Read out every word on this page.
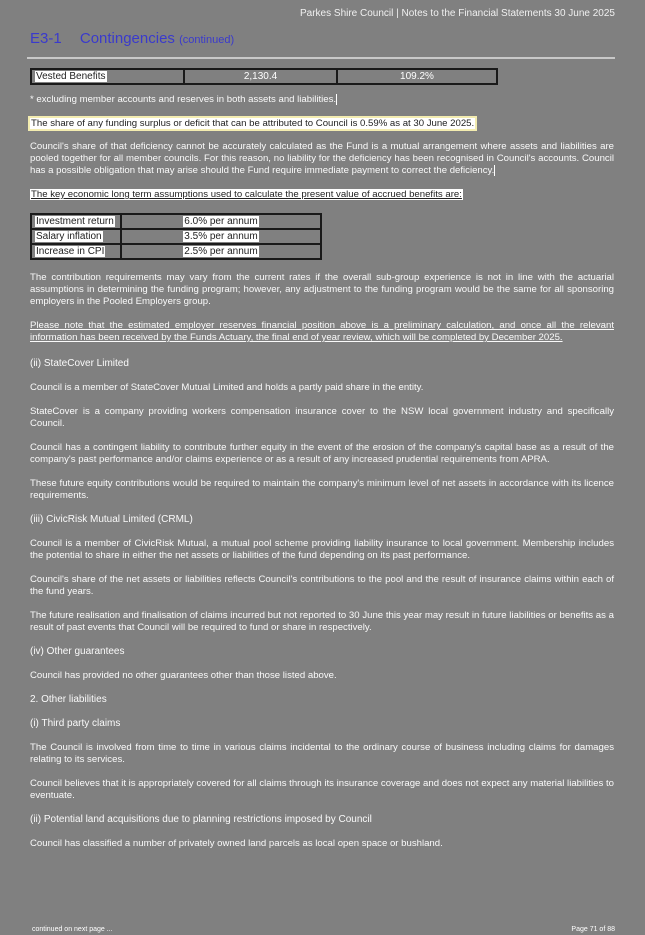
Parkes Shire Council | Notes to the Financial Statements 30 June 2025
E3-1 Contingencies (continued)
Vested Benefits	2,130.4	109.2%

* excluding member accounts and reserves in both assets and liabilities.

The share of any funding surplus or deficit that can be attributed to Council is 0.59% as at 30 June 2025.

Council's share of that deficiency cannot be accurately calculated as the Fund is a mutual arrangement where assets and liabilities are pooled together for all member councils. For this reason, no liability for the deficiency has been recognised in Council's accounts. Council has a possible obligation that may arise should the Fund require immediate payment to correct the deficiency.

The key economic long term assumptions used to calculate the present value of accrued benefits are:

Investment return	6.0% per annum
Salary inflation	3.5% per annum
Increase in CPI	2.5% per annum

The contribution requirements may vary from the current rates if the overall sub-group experience is not in line with the actuarial assumptions in determining the funding program; however, any adjustment to the funding program would be the same for all sponsoring employers in the Pooled Employers group.

Please note that the estimated employer reserves financial position above is a preliminary calculation, and once all the relevant information has been received by the Funds Actuary, the final end of year review, which will be completed by December 2025.

(ii) StateCover Limited

Council is a member of StateCover Mutual Limited and holds a partly paid share in the entity.

StateCover is a company providing workers compensation insurance cover to the NSW local government industry and specifically Council.

Council has a contingent liability to contribute further equity in the event of the erosion of the company's capital base as a result of the company's past performance and/or claims experience or as a result of any increased prudential requirements from APRA.

These future equity contributions would be required to maintain the company's minimum level of net assets in accordance with its licence requirements.

(iii) CivicRisk Mutual Limited (CRML)

Council is a member of CivicRisk Mutual, a mutual pool scheme providing liability insurance to local government. Membership includes the potential to share in either the net assets or liabilities of the fund depending on its past performance.

Council's share of the net assets or liabilities reflects Council's contributions to the pool and the result of insurance claims within each of the fund years.

The future realisation and finalisation of claims incurred but not reported to 30 June this year may result in future liabilities or benefits as a result of past events that Council will be required to fund or share in respectively.

(iv) Other guarantees

Council has provided no other guarantees other than those listed above.

2. Other liabilities

(i) Third party claims

The Council is involved from time to time in various claims incidental to the ordinary course of business including claims for damages relating to its services.

Council believes that it is appropriately covered for all claims through its insurance coverage and does not expect any material liabilities to eventuate.

(ii) Potential land acquisitions due to planning restrictions imposed by Council

Council has classified a number of privately owned land parcels as local open space or bushland.

continued on next page ...	Page 71 of 88
